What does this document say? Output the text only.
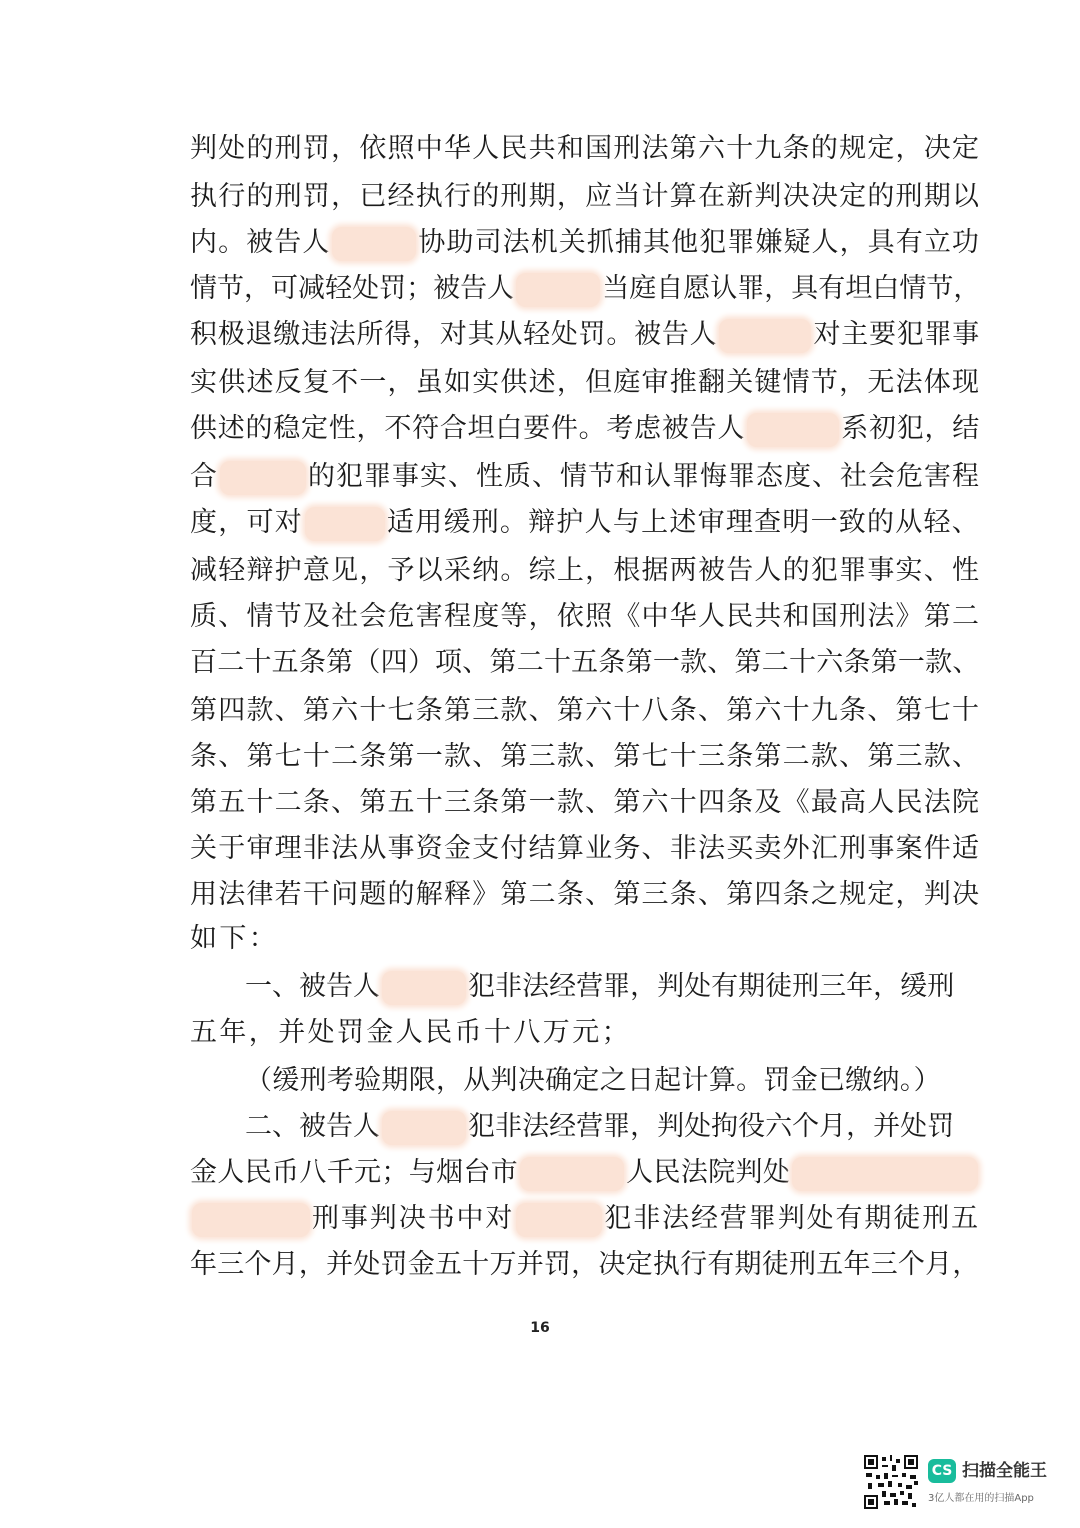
判处的刑罚，依照中华人民共和国刑法第六十九条的规定，决定
执行的刑罚，已经执行的刑期，应当计算在新判决决定的刑期以
内。被告人	协助司法机关抓捕其他犯罪嫌疑人，具有立功
情节，可减轻处罚；被告人	当庭自愿认罪，具有坦白情节，
积极退缴违法所得，对其从轻处罚。被告人	对主要犯罪事
实供述反复不一，虽如实供述，但庭审推翻关键情节，无法体现
供述的稳定性，不符合坦白要件。考虑被告人	系初犯，结
合	的犯罪事实、性质、情节和认罪悔罪态度、社会危害程
度，可对	适用缓刑。辩护人与上述审理查明一致的从轻、
减轻辩护意见，予以采纳。综上，根据两被告人的犯罪事实、性
质、情节及社会危害程度等，依照《中华人民共和国刑法》第二
百二十五条第（四）项、第二十五条第一款、第二十六条第一款、
第四款、第六十七条第三款、第六十八条、第六十九条、第七十
条、第七十二条第一款、第三款、第七十三条第二款、第三款、
第五十二条、第五十三条第一款、第六十四条及《最高人民法院
关于审理非法从事资金支付结算业务、非法买卖外汇刑事案件适
用法律若干问题的解释》第二条、第三条、第四条之规定，判决
如下：
一、被告人	犯非法经营罪，判处有期徒刑三年，缓刑
五年，并处罚金人民币十八万元；
（缓刑考验期限，从判决确定之日起计算。罚金已缴纳。）
二、被告人	犯非法经营罪，判处拘役六个月，并处罚
金人民币八千元；与烟台市	人民法院判处
刑事判决书中对	犯非法经营罪判处有期徒刑五
年三个月，并处罚金五十万并罚，决定执行有期徒刑五年三个月，
16
CS 扫描全能王
3亿人都在用的扫描App
